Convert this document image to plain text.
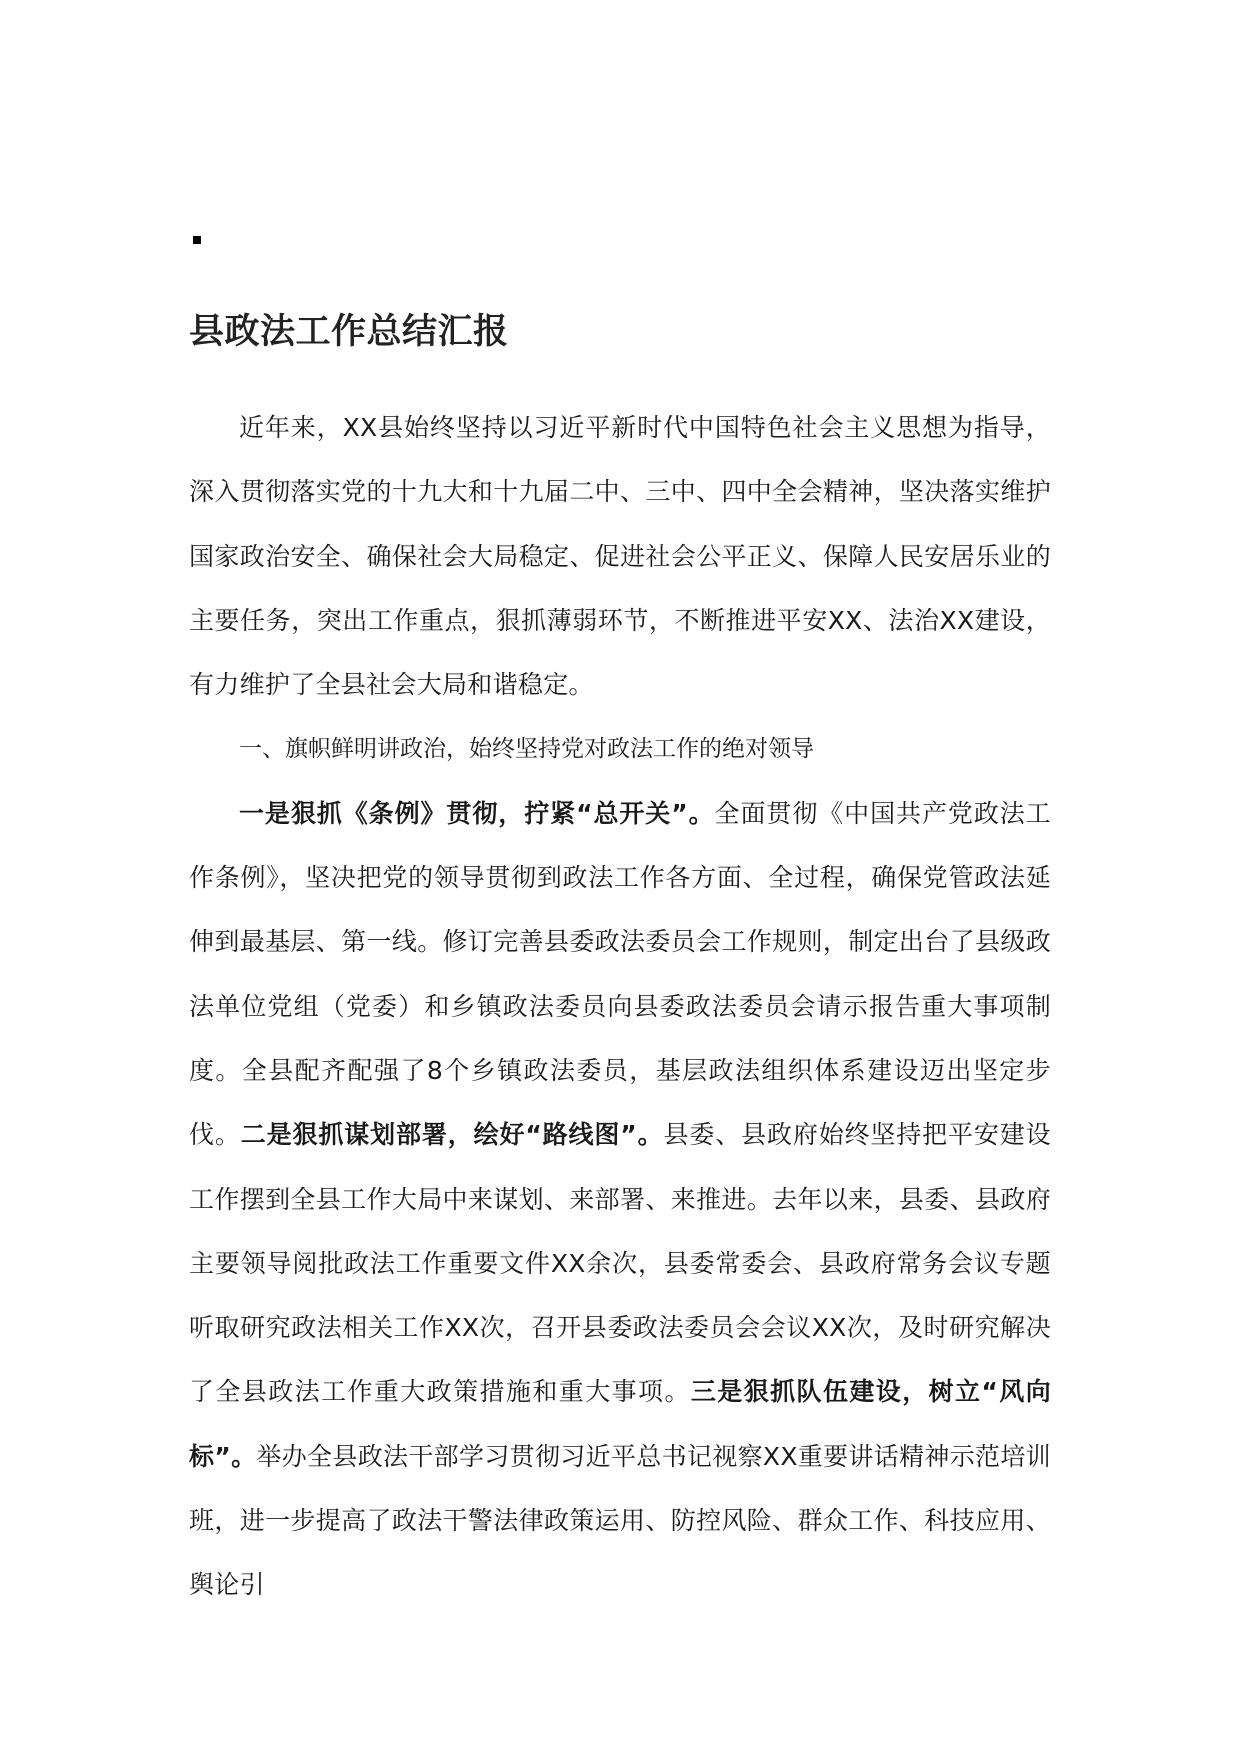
县政法工作总结汇报

近年来，XX县始终坚持以习近平新时代中国特色社会主义思想为指导，深入贯彻落实党的十九大和十九届二中、三中、四中全会精神，坚决落实维护国家政治安全、确保社会大局稳定、促进社会公平正义、保障人民安居乐业的主要任务，突出工作重点，狠抓薄弱环节，不断推进平安XX、法治XX建设，有力维护了全县社会大局和谐稳定。

一、旗帜鲜明讲政治，始终坚持党对政法工作的绝对领导

一是狠抓《条例》贯彻，拧紧“总开关”。全面贯彻《中国共产党政法工作条例》，坚决把党的领导贯彻到政法工作各方面、全过程，确保党管政法延伸到最基层、第一线。修订完善县委政法委员会工作规则，制定出台了县级政法单位党组（党委）和乡镇政法委员向县委政法委员会请示报告重大事项制度。全县配齐配强了8个乡镇政法委员，基层政法组织体系建设迈出坚定步伐。二是狠抓谋划部署，绘好“路线图”。县委、县政府始终坚持把平安建设工作摆到全县工作大局中来谋划、来部署、来推进。去年以来，县委、县政府主要领导阅批政法工作重要文件XX余次，县委常委会、县政府常务会议专题听取研究政法相关工作XX次，召开县委政法委员会会议XX次，及时研究解决了全县政法工作重大政策措施和重大事项。三是狠抓队伍建设，树立“风向标”。举办全县政法干部学习贯彻习近平总书记视察XX重要讲话精神示范培训班，进一步提高了政法干警法律政策运用、防控风险、群众工作、科技应用、舆论引
